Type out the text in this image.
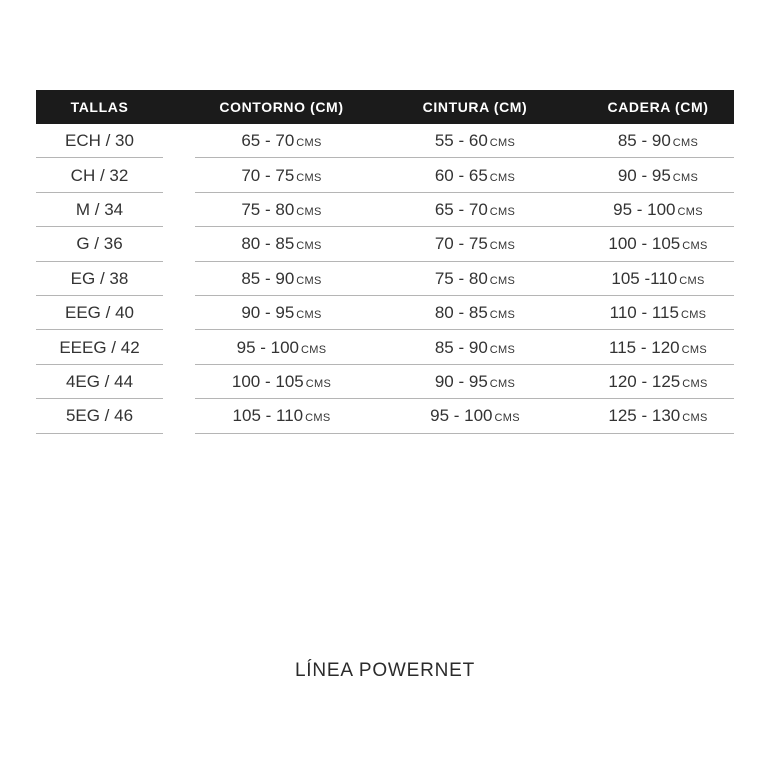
TALLAS	CONTORNO (CM)	CINTURA (CM)	CADERA (CM)
ECH / 30	65 - 70 CMS	55 - 60 CMS	85 - 90 CMS
CH / 32	70 - 75 CMS	60 - 65 CMS	90 - 95 CMS
M / 34	75 - 80 CMS	65 - 70 CMS	95 - 100 CMS
G / 36	80 - 85 CMS	70 - 75 CMS	100 - 105 CMS
EG / 38	85 - 90 CMS	75 - 80 CMS	105 -110 CMS
EEG / 40	90 - 95 CMS	80 - 85 CMS	110 - 115 CMS
EEEG / 42	95 - 100 CMS	85 - 90 CMS	115 - 120 CMS
4EG / 44	100 - 105 CMS	90 - 95 CMS	120 - 125 CMS
5EG / 46	105 - 110 CMS	95 - 100 CMS	125 - 130 CMS
LÍNEA POWERNET
